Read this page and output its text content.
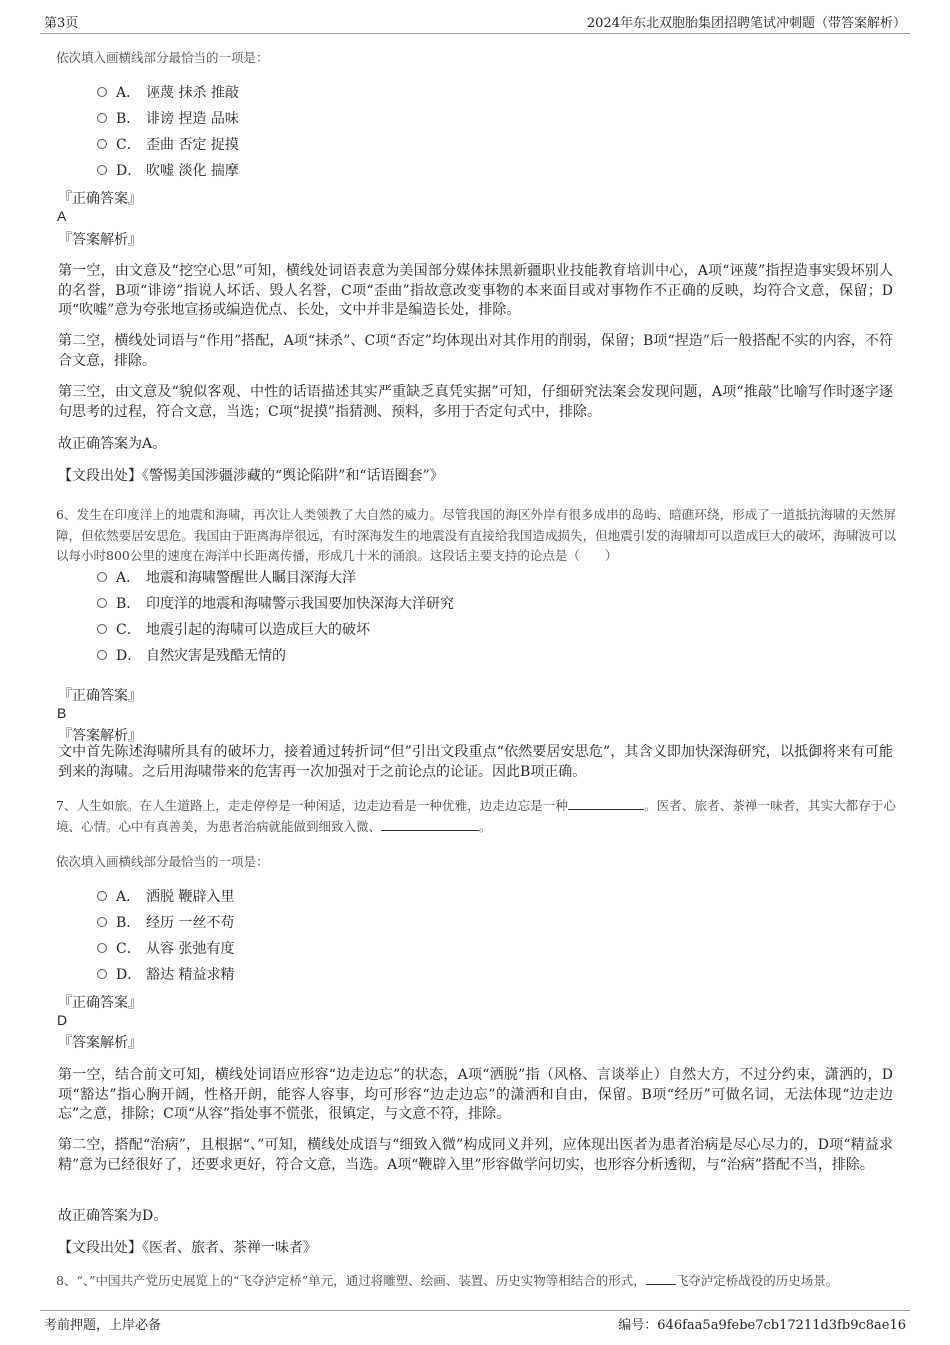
第3页	2024年东北双胞胎集团招聘笔试冲刺题（带答案解析）
依次填入画横线部分最恰当的一项是：
A． 诬蔑 抹杀 推敲
B． 诽谤 捏造 品味
C． 歪曲 否定 捉摸
D． 吹嘘 淡化 揣摩
『正确答案』
A
『答案解析』
第一空，由文意及“挖空心思”可知，横线处词语表意为美国部分媒体抹黑新疆职业技能教育培训中心，A项“诬蔑”指捏造事实毁坏别人的名誉，B项“诽谤”指说人坏话、毁人名誉，C项“歪曲”指故意改变事物的本来面目或对事物作不正确的反映，均符合文意，保留；D项“吹嘘”意为夸张地宣扬或编造优点、长处，文中并非是编造长处，排除。
第二空，横线处词语与“作用”搭配，A项“抹杀”、C项“否定”均体现出对其作用的削弱，保留；B项“捏造”后一般搭配不实的内容，不符合文意，排除。
第三空，由文意及“貌似客观、中性的话语描述其实严重缺乏真凭实据”可知，仔细研究法案会发现问题，A项“推敲”比喻写作时逐字逐句思考的过程，符合文意，当选；C项“捉摸”指猜测、预料，多用于否定句式中，排除。
故正确答案为A。
【文段出处】《警惕美国涉疆涉藏的“舆论陷阱”和“话语圈套”》
6、发生在印度洋上的地震和海啸，再次让人类领教了大自然的威力。尽管我国的海区外岸有很多成串的岛屿、暗礁环绕，形成了一道抵抗海啸的天然屏障，但依然要居安思危。我国由于距离海岸很远，有时深海发生的地震没有直接给我国造成损失，但地震引发的海啸却可以造成巨大的破坏，海啸波可以以每小时800公里的速度在海洋中长距离传播，形成几十米的涌浪。这段话主要支持的论点是（　　）
A． 地震和海啸警醒世人瞩目深海大洋
B． 印度洋的地震和海啸警示我国要加快深海大洋研究
C． 地震引起的海啸可以造成巨大的破坏
D． 自然灾害是残酷无情的
『正确答案』
B
『答案解析』
文中首先陈述海啸所具有的破坏力，接着通过转折词“但”引出文段重点“依然要居安思危”，其含义即加快深海研究，以抵御将来有可能到来的海啸。之后用海啸带来的危害再一次加强对于之前论点的论证。因此B项正确。
7、人生如旅。在人生道路上，走走停停是一种闲适，边走边看是一种优雅，边走边忘是一种	。医者、旅者、茶禅一味者，其实大都存于心境、心情。心中有真善美，为患者治病就能做到细致入微、	。
依次填入画横线部分最恰当的一项是：
A． 洒脱 鞭辟入里
B． 经历 一丝不苟
C． 从容 张弛有度
D． 豁达 精益求精
『正确答案』
D
『答案解析』
第一空，结合前文可知，横线处词语应形容“边走边忘”的状态，A项“洒脱”指（风格、言谈举止）自然大方，不过分约束，潇洒的，D项“豁达”指心胸开阔，性格开朗，能容人容事，均可形容“边走边忘”的潇洒和自由，保留。B项“经历”可做名词，无法体现“边走边忘”之意，排除；C项“从容”指处事不慌张，很镇定，与文意不符，排除。
第二空，搭配“治病”，且根据“、”可知，横线处成语与“细致入微”构成同义并列，应体现出医者为患者治病是尽心尽力的，D项“精益求精”意为已经很好了，还要求更好，符合文意，当选。A项“鞭辟入里”形容做学问切实，也形容分析透彻，与“治病”搭配不当，排除。
故正确答案为D。
【文段出处】《医者、旅者、茶禅一味者》
8、“、”中国共产党历史展览上的“飞夺泸定桥”单元，通过将雕塑、绘画、装置、历史实物等相结合的形式， 飞夺泸定桥战役的历史场景。
考前押题，上岸必备	编号：646faa5a9febe7cb17211d3fb9c8ae16
